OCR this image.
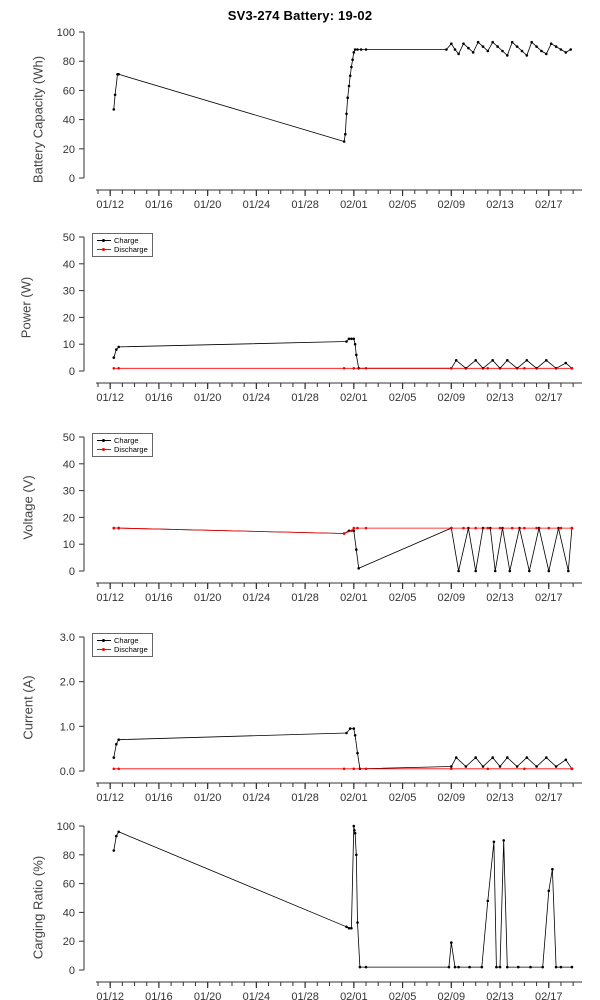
SV3-274 Battery: 19-02
Battery Capacity (Wh) 0
20
40
60
80
100
01/12 01/16 01/20 01/24 01/28 02/01 02/05 02/09 02/13 02/17
Power (W)
0
10
20
30
40
50
01/12 01/16 01/20 01/24 01/28 02/01 02/05 02/09 02/13 02/17
Charge
Discharge
Voltage (V)
0
10
20
30
40
50
01/12 01/16 01/20 01/24 01/28 02/01 02/05 02/09 02/13 02/17
Charge
Discharge
Current (A)
0.0
1.0
2.0
3.0
01/12 01/16 01/20 01/24 01/28 02/01 02/05 02/09 02/13 02/17
Charge
Discharge
Carging Ratio (%)
0
20
40
60
80
100
01/12 01/16 01/20 01/24 01/28 02/01 02/05 02/09 02/13 02/17
